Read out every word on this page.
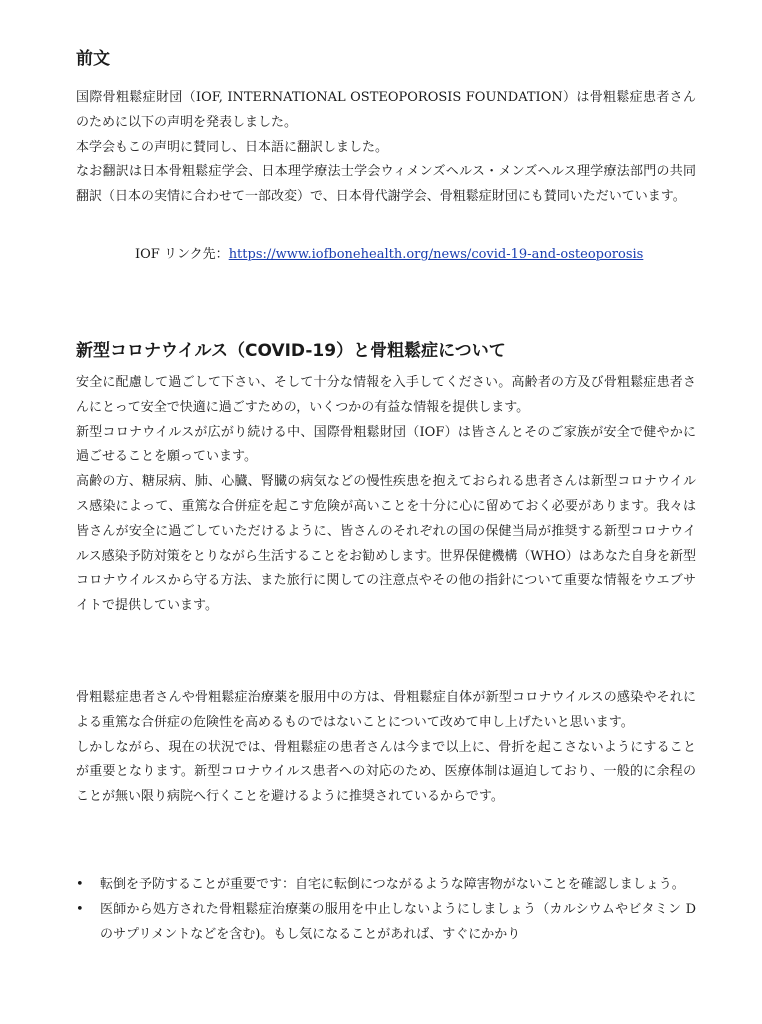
前文

国際骨粗鬆症財団（IOF, INTERNATIONAL OSTEOPOROSIS FOUNDATION）は骨粗鬆症患者さんのために以下の声明を発表しました。

本学会もこの声明に賛同し、日本語に翻訳しました。

なお翻訳は日本骨粗鬆症学会、日本理学療法士学会ウィメンズヘルス・メンズヘルス理学療法部門の共同翻訳（日本の実情に合わせて一部改変）で、日本骨代謝学会、骨粗鬆症財団にも賛同いただいています。

IOF リンク先：https://www.iofbonehealth.org/news/covid-19-and-osteoporosis

新型コロナウイルス（COVID-19）と骨粗鬆症について

安全に配慮して過ごして下さい、そして十分な情報を入手してください。高齢者の方及び骨粗鬆症患者さんにとって安全で快適に過ごすための，いくつかの有益な情報を提供します。

新型コロナウイルスが広がり続ける中、国際骨粗鬆財団（IOF）は皆さんとそのご家族が安全で健やかに過ごせることを願っています。

高齢の方、糖尿病、肺、心臓、腎臓の病気などの慢性疾患を抱えておられる患者さんは新型コロナウイルス感染によって、重篤な合併症を起こす危険が高いことを十分に心に留めておく必要があります。我々は皆さんが安全に過ごしていただけるように、皆さんのそれぞれの国の保健当局が推奨する新型コロナウイルス感染予防対策をとりながら生活することをお勧めします。世界保健機構（WHO）はあなた自身を新型コロナウイルスから守る方法、また旅行に関しての注意点やその他の指針について重要な情報をウエブサイトで提供しています。

骨粗鬆症患者さんや骨粗鬆症治療薬を服用中の方は、骨粗鬆症自体が新型コロナウイルスの感染やそれによる重篤な合併症の危険性を高めるものではないことについて改めて申し上げたいと思います。

しかしながら、現在の状況では、骨粗鬆症の患者さんは今まで以上に、骨折を起こさないようにすることが重要となります。新型コロナウイルス患者への対応のため、医療体制は逼迫しており、一般的に余程のことが無い限り病院へ行くことを避けるように推奨されているからです。

•	転倒を予防することが重要です：自宅に転倒につながるような障害物がないことを確認しましょう。
•	医師から処方された骨粗鬆症治療薬の服用を中止しないようにしましょう（カルシウムやビタミン D のサプリメントなどを含む)。もし気になることがあれば、すぐにかかり
